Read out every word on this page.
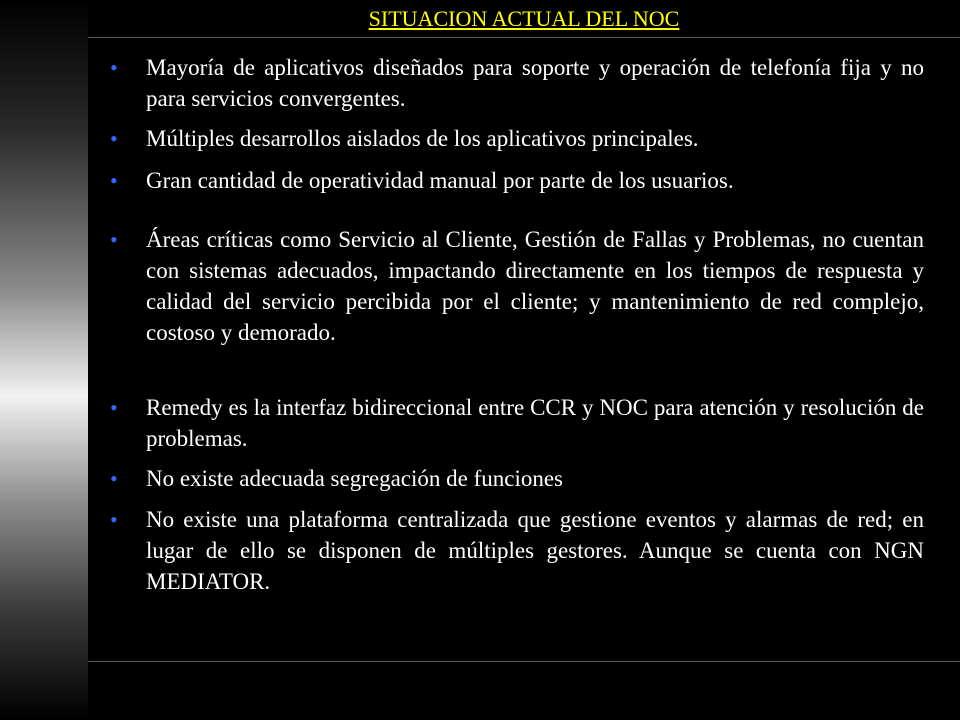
SITUACION ACTUAL DEL NOC
• Mayoría de aplicativos diseñados para soporte y operación de telefonía fija y no para servicios convergentes.
• Múltiples desarrollos aislados de los aplicativos principales.
• Gran cantidad de operatividad manual por parte de los usuarios.
• Áreas críticas como Servicio al Cliente, Gestión de Fallas y Problemas, no cuentan con sistemas adecuados, impactando directamente en los tiempos de respuesta y calidad del servicio percibida por el cliente; y mantenimiento de red complejo, costoso y demorado.
• Remedy es la interfaz bidireccional entre CCR y NOC para atención y resolución de problemas.
• No existe adecuada segregación de funciones
• No existe una plataforma centralizada que gestione eventos y alarmas de red; en lugar de ello se disponen de múltiples gestores. Aunque se cuenta con NGN MEDIATOR.
